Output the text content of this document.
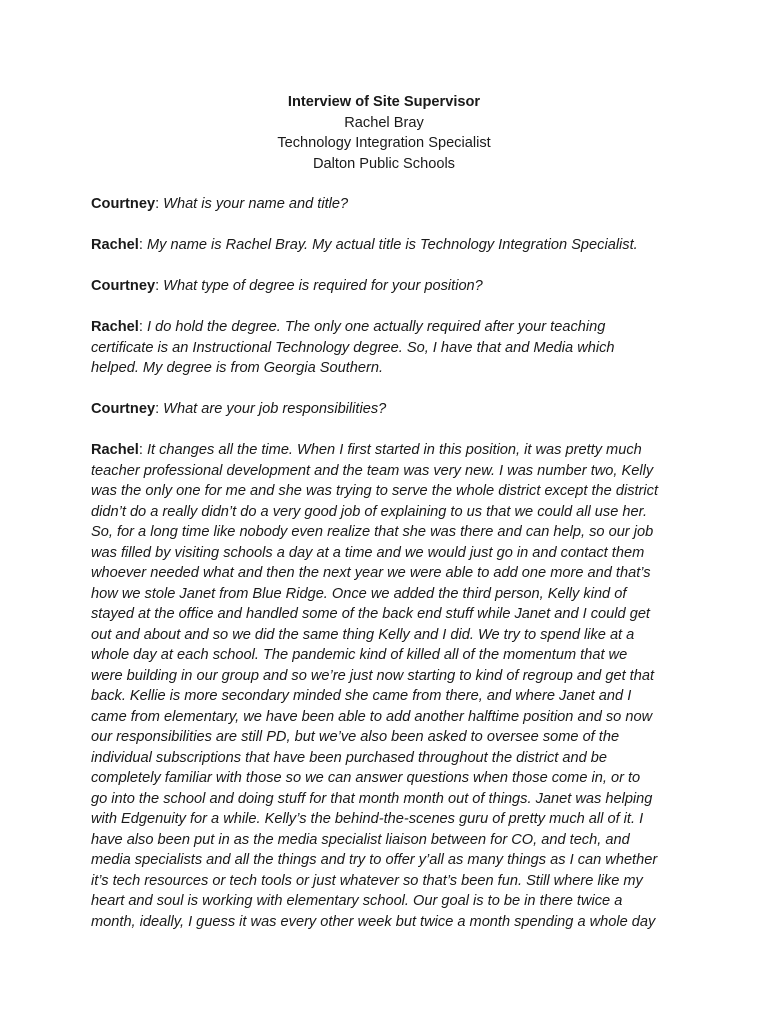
Interview of Site Supervisor
Rachel Bray
Technology Integration Specialist
Dalton Public Schools
Courtney: What is your name and title?
Rachel: My name is Rachel Bray. My actual title is Technology Integration Specialist.
Courtney: What type of degree is required for your position?
Rachel: I do hold the degree. The only one actually required after your teaching
certificate is an Instructional Technology degree. So, I have that and Media which
helped. My degree is from Georgia Southern.
Courtney: What are your job responsibilities?
Rachel: It changes all the time. When I first started in this position, it was pretty much
teacher professional development and the team was very new. I was number two, Kelly
was the only one for me and she was trying to serve the whole district except the district
didn’t do a really didn’t do a very good job of explaining to us that we could all use her.
So, for a long time like nobody even realize that she was there and can help, so our job
was filled by visiting schools a day at a time and we would just go in and contact them
whoever needed what and then the next year we were able to add one more and that’s
how we stole Janet from Blue Ridge. Once we added the third person, Kelly kind of
stayed at the office and handled some of the back end stuff while Janet and I could get
out and about and so we did the same thing Kelly and I did. We try to spend like at a
whole day at each school. The pandemic kind of killed all of the momentum that we
were building in our group and so we’re just now starting to kind of regroup and get that
back. Kellie is more secondary minded she came from there, and where Janet and I
came from elementary, we have been able to add another halftime position and so now
our responsibilities are still PD, but we’ve also been asked to oversee some of the
individual subscriptions that have been purchased throughout the district and be
completely familiar with those so we can answer questions when those come in, or to
go into the school and doing stuff for that month month out of things. Janet was helping
with Edgenuity for a while. Kelly’s the behind-the-scenes guru of pretty much all of it. I
have also been put in as the media specialist liaison between for CO, and tech, and
media specialists and all the things and try to offer y’all as many things as I can whether
it’s tech resources or tech tools or just whatever so that’s been fun. Still where like my
heart and soul is working with elementary school. Our goal is to be in there twice a
month, ideally, I guess it was every other week but twice a month spending a whole day
